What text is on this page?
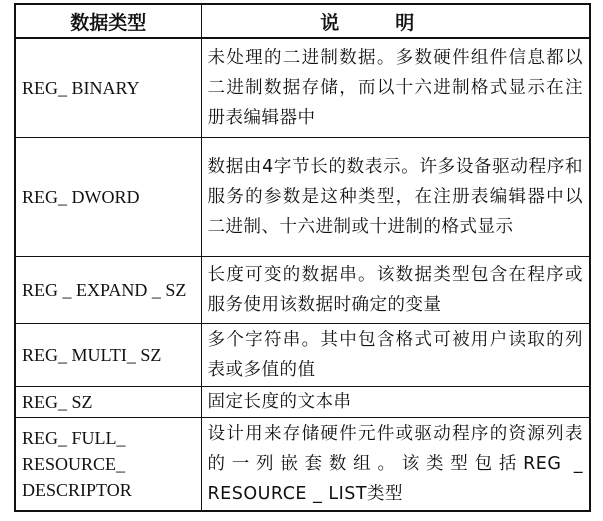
数据类型	说明
REG_ BINARY	未处理的二进制数据。多数硬件组件信息都以二进制数据存储，而以十六进制格式显示在注册表编辑器中
REG_ DWORD	数据由4字节长的数表示。许多设备驱动程序和服务的参数是这种类型，在注册表编辑器中以二进制、十六进制或十进制的格式显示
REG _ EXPAND _ SZ	长度可变的数据串。该数据类型包含在程序或服务使用该数据时确定的变量
REG_ MULTI_ SZ	多个字符串。其中包含格式可被用户读取的列表或多值的值
REG_ SZ	固定长度的文本串
REG_ FULL_ RESOURCE_ DESCRIPTOR	设计用来存储硬件元件或驱动程序的资源列表的一列嵌套数组。该类型包括REG _ RESOURCE _ LIST类型
